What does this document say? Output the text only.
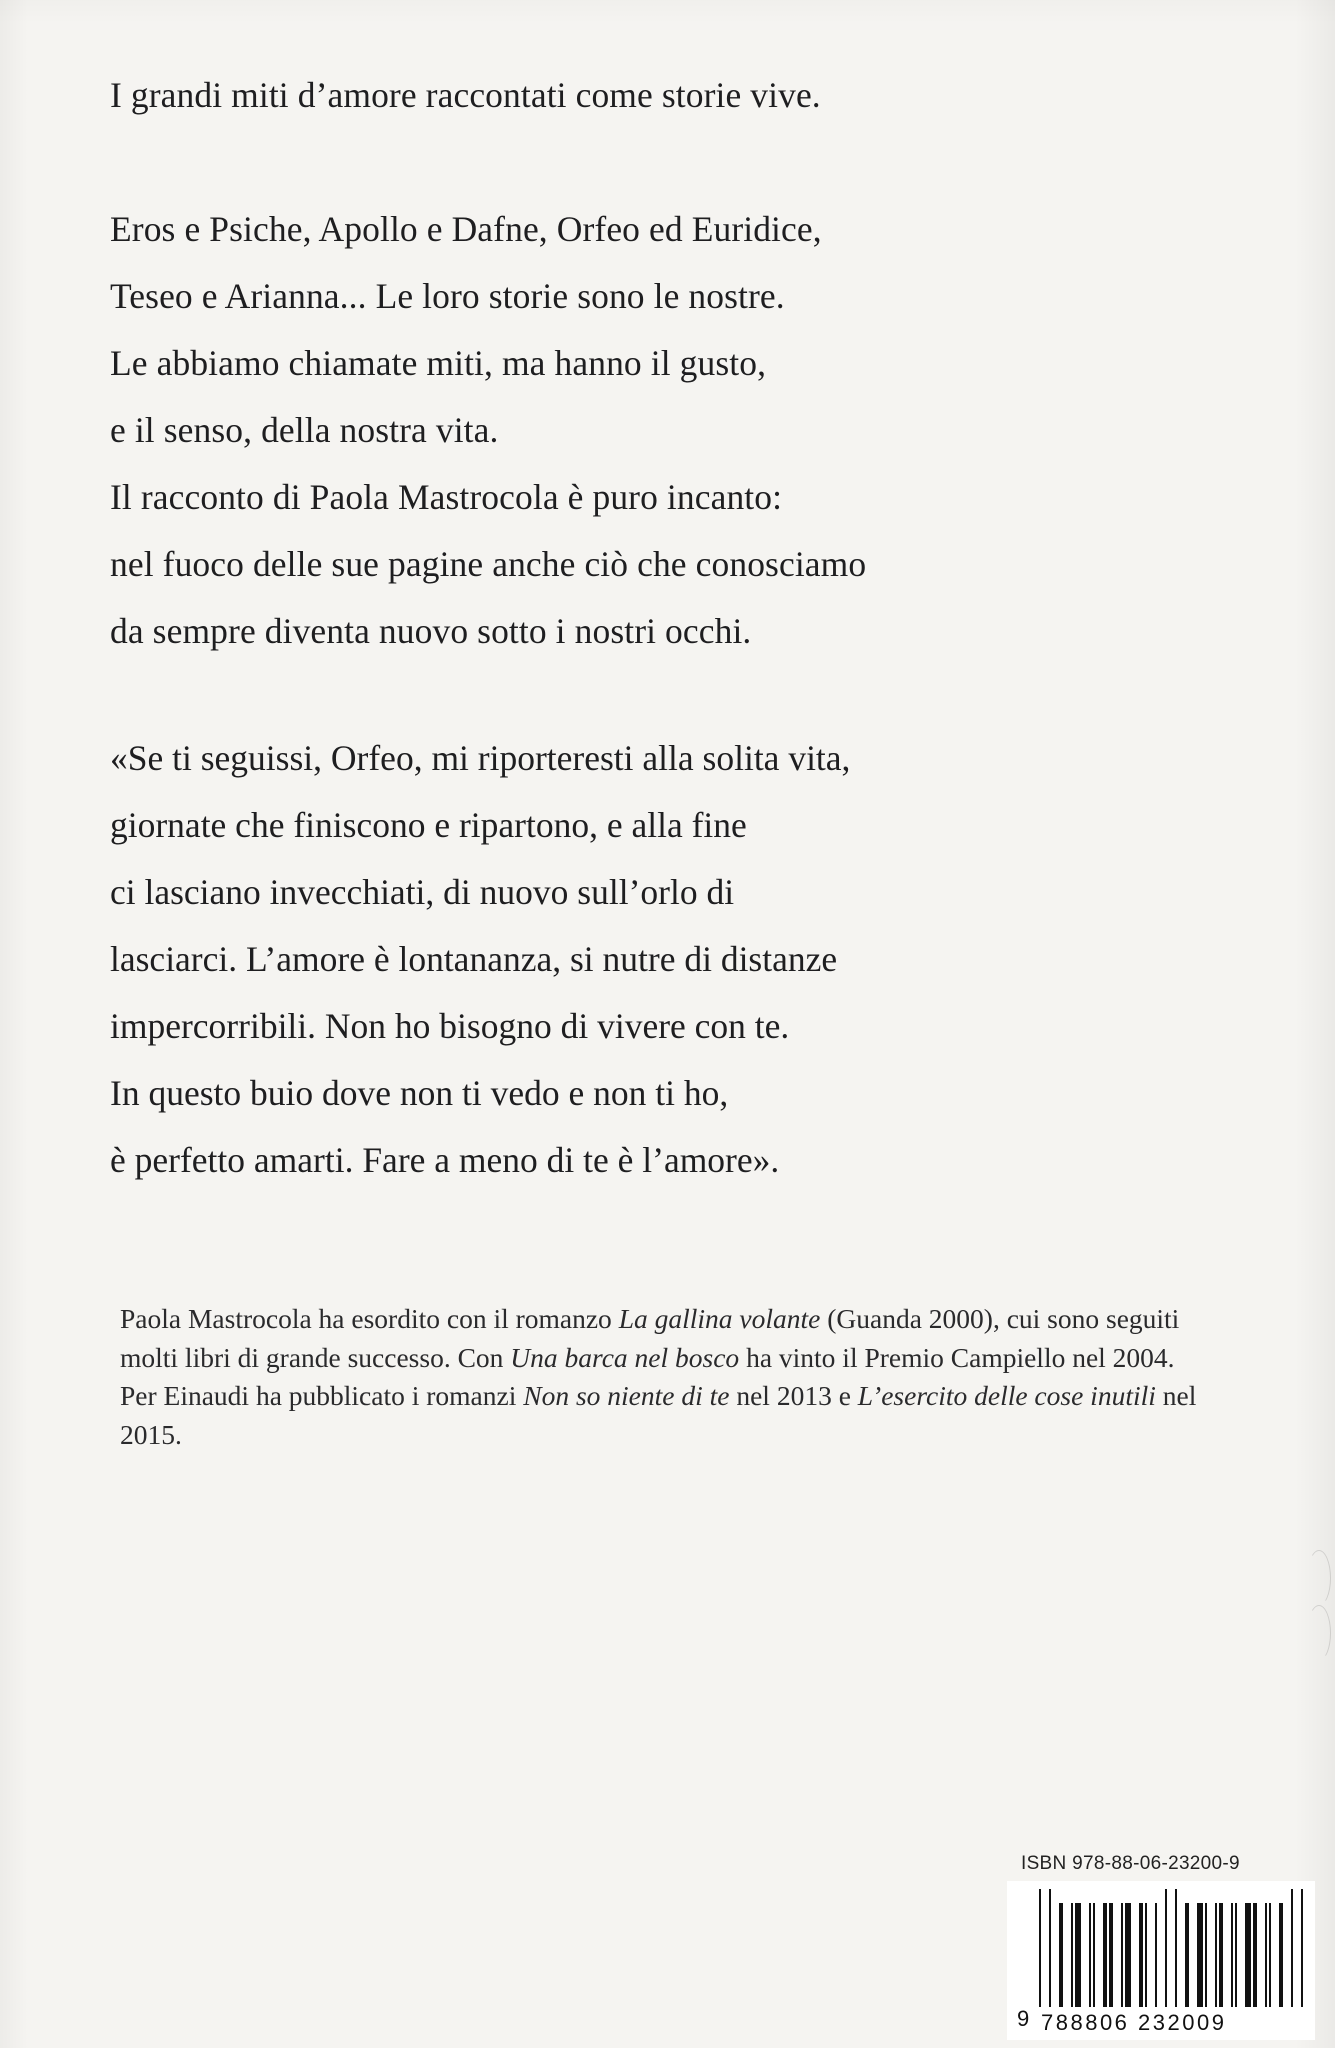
I grandi miti d’amore raccontati come storie vive.

Eros e Psiche, Apollo e Dafne, Orfeo ed Euridice,

Teseo e Arianna... Le loro storie sono le nostre.

Le abbiamo chiamate miti, ma hanno il gusto,

e il senso, della nostra vita.

Il racconto di Paola Mastrocola è puro incanto:

nel fuoco delle sue pagine anche ciò che conosciamo

da sempre diventa nuovo sotto i nostri occhi.

«Se ti seguissi, Orfeo, mi riporteresti alla solita vita,

giornate che finiscono e ripartono, e alla fine

ci lasciano invecchiati, di nuovo sull’orlo di

lasciarci. L’amore è lontananza, si nutre di distanze

impercorribili. Non ho bisogno di vivere con te.

In questo buio dove non ti vedo e non ti ho,

è perfetto amarti. Fare a meno di te è l’amore».

Paola Mastrocola ha esordito con il romanzo La gallina volante (Guanda 2000), cui sono seguiti molti libri di grande successo. Con Una barca nel bosco ha vinto il Premio Campiello nel 2004. Per Einaudi ha pubblicato i romanzi Non so niente di te nel 2013 e L’esercito delle cose inutili nel 2015.

ISBN 978-88-06-23200-9
9 788806 232009
